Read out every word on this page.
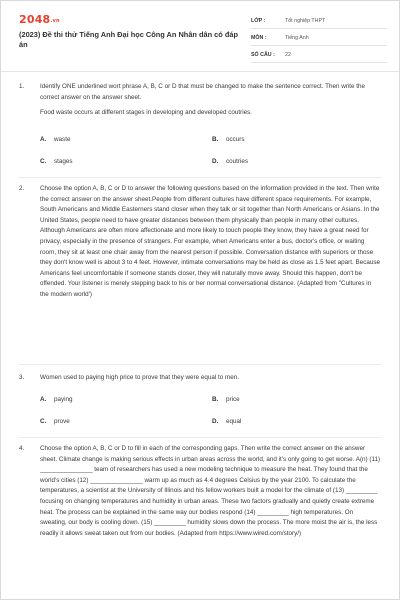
$2048_{.vn}$
(2023) Đề thi thử Tiếng Anh Đại học Công An Nhân dân có đáp án
LỚP :	Tốt nghiệp THPT
MÔN :	Tiếng Anh
SỐ CÂU : 22
1. Identify ONE underlined wort phrase A, B, C or D that must be changed to make the sentence correct. Then write the correct answer on the answer sheet.
Food waste occurs at different stages in developing and developed coutries.
A. waste	B. occurs
C. stages	D. coutries
2. Choose the option A, B, C or D to answer the following questions based on the information provided in the text. Then write the correct answer on the answer sheet.People from different cultures have different space requirements. For example, South Americans and Middle Easterners stand closer when they talk or sit together than North Americans or Asians. In the United States, people need to have greater distances between them physically than people in many other cultures. Although Americans are often more affectionate and more likely to touch people they know, they have a great need for privacy, especially in the presence of strangers. For example, when Americans enter a bus, doctor's office, or waiting room, they sit at least one chair away from the nearest person if possible. Conversation distance with superiors or those they don't know well is about 3 to 4 feet. However, intimate conversations may be held as close as 1.5 feet apart. Because Americans feel uncomfortable if someone stands closer, they will naturally move away. Should this happen, don't be offended. Your listener is merely stepping back to his or her normal conversational distance. (Adapted from "Cultures in the modern world')
3. Women used to paying high price to prove that they were equal to men.
A. paying	B. price
C. prove	D. equal
4. Choose the option A, B, C or D to fill in each of the corresponding gaps. Then write the correct answer on the answer sheet. Climate change is making serious effects in urban areas across the world, and it's only going to get worse. A(n) (11) _______________ team of researchers has used a new modeling technique to measure the heat. They found that the world's cities (12) _______________ warm up as much as 4.4 degrees Celsius by the year 2100. To calculate the temperatures, a scientist at the University of Illinois and his fellow workers built a model for the climate of (13) _________ focusing on changing temperatures and humidity in urban areas. These two factors gradually and quietly create extreme heat. The process can be explained in the same way our bodies respond (14) _________ high temperatures. On sweating, our body is cooling down. (15) _________ humidity slows down the process. The more moist the air is, the less readily it allows sweat taken out from our bodies. (Adapted from https://www.wired.com/story/)
